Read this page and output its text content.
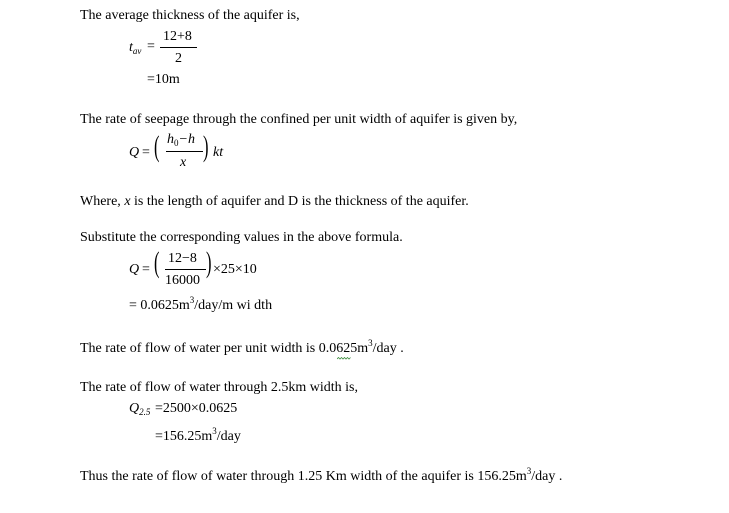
The average thickness of the aquifer is,
$t_{av}$ =
12+8
2
=10m
The rate of seepage through the confined per unit width of aquifer is given by,
Q = ( $h_0-h$
x ) kt
Where, x is the length of aquifer and D is the thickness of the aquifer.
Substitute the corresponding values in the above formula.
Q = ( 12−8
16000
) ×25×10
= $0.0625m^3/day/m$ wi dth
The rate of flow of water per unit width is $0.0625m^3$/day .
The rate of flow of water through 2.5km width is,
$Q_{2.5} =2500\times 0.0625$
$=156.25m^3$/day
Thus the rate of flow of water through 1.25 Km width of the aquifer is $156.25m^3$/day .
